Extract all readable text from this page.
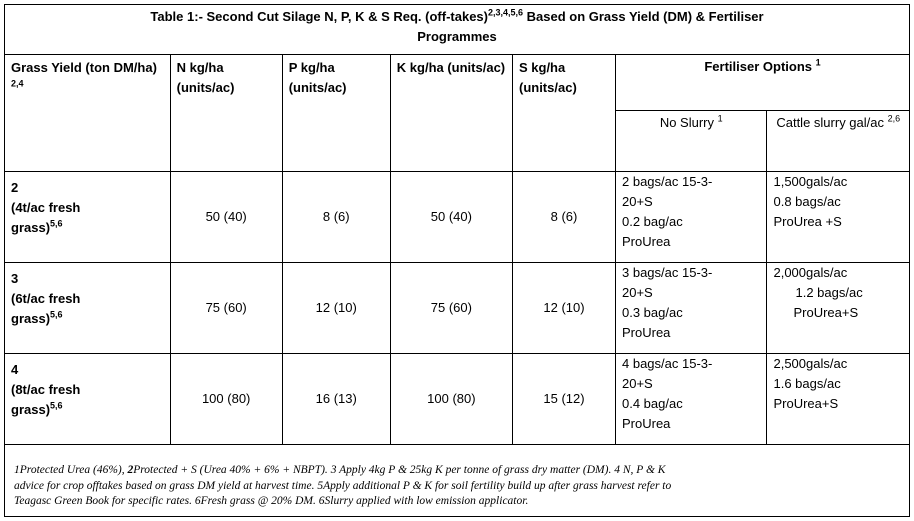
Table 1:- Second Cut Silage N, P, K & S Req. (off-takes)$^{2,3,4,5,6}$ Based on Grass Yield (DM) & Fertiliser
Programmes						
Grass Yield (ton DM/ha) $^{2,4}$	N kg/ha (units/ac)	P kg/ha (units/ac)	K kg/ha (units/ac)	S kg/ha (units/ac)	Fertiliser Options $^1$
					No Slurry $^1$	Cattle slurry gal/ac $^{2,6}$
2
(4t/ac fresh
grass)$^{5,6}$	50 (40)	8 (6)	50 (40)	8 (6)	2 bags/ac 15-3-
20+S
0.2 bag/ac
ProUrea	1,500gals/ac
0.8 bags/ac
ProUrea +S
3
(6t/ac fresh
grass)$^{5,6}$	75 (60)	12 (10)	75 (60)	12 (10)	3 bags/ac 15-3-
20+S
0.3 bag/ac
ProUrea	2,000gals/ac
1.2 bags/ac
ProUrea+S
4
(8t/ac fresh
grass)$^{5,6}$	100 (80)	16 (13)	100 (80)	15 (12)	4 bags/ac 15-3-
20+S
0.4 bag/ac
ProUrea	2,500gals/ac
1.6 bags/ac
ProUrea+S
1Protected Urea (46%), 2Protected + S (Urea 40% + 6% + NBPT). 3 Apply 4kg P & 25kg K per tonne of grass dry matter (DM). 4 N, P & K
advice for crop offtakes based on grass DM yield at harvest time. 5Apply additional P & K for soil fertility build up after grass harvest refer to
Teagasc Green Book for specific rates. 6Fresh grass @ 20% DM. 6Slurry applied with low emission applicator.
